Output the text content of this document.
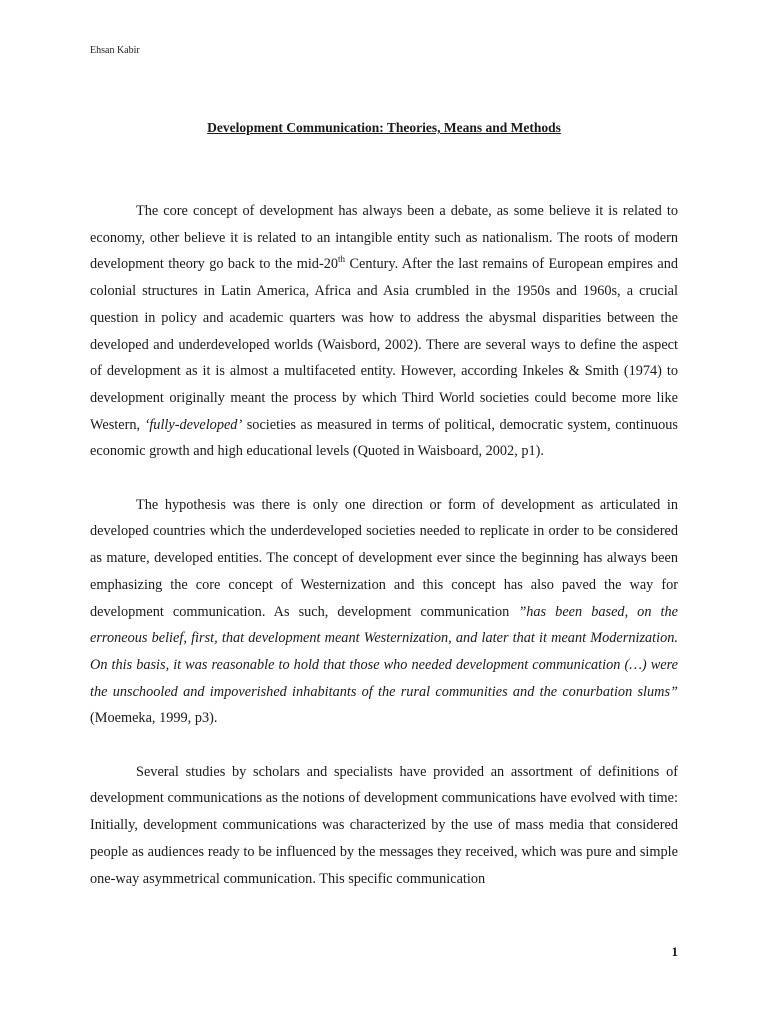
Ehsan Kabir
Development Communication: Theories, Means and Methods

The core concept of development has always been a debate, as some believe it is related to economy, other believe it is related to an intangible entity such as nationalism. The roots of modern development theory go back to the mid-20th Century. After the last remains of European empires and colonial structures in Latin America, Africa and Asia crumbled in the 1950s and 1960s, a crucial question in policy and academic quarters was how to address the abysmal disparities between the developed and underdeveloped worlds (Waisbord, 2002). There are several ways to define the aspect of development as it is almost a multifaceted entity. However, according Inkeles & Smith (1974) to development originally meant the process by which Third World societies could become more like Western, ‘fully-developed’ societies as measured in terms of political, democratic system, continuous economic growth and high educational levels (Quoted in Waisboard, 2002, p1).

The hypothesis was there is only one direction or form of development as articulated in developed countries which the underdeveloped societies needed to replicate in order to be considered as mature, developed entities. The concept of development ever since the beginning has always been emphasizing the core concept of Westernization and this concept has also paved the way for development communication. As such, development communication ”has been based, on the erroneous belief, first, that development meant Westernization, and later that it meant Modernization. On this basis, it was reasonable to hold that those who needed development communication (…) were the unschooled and impoverished inhabitants of the rural communities and the conurbation slums” (Moemeka, 1999, p3).

Several studies by scholars and specialists have provided an assortment of definitions of development communications as the notions of development communications have evolved with time: Initially, development communications was characterized by the use of mass media that considered people as audiences ready to be influenced by the messages they received, which was pure and simple one-way asymmetrical communication. This specific communication

1
